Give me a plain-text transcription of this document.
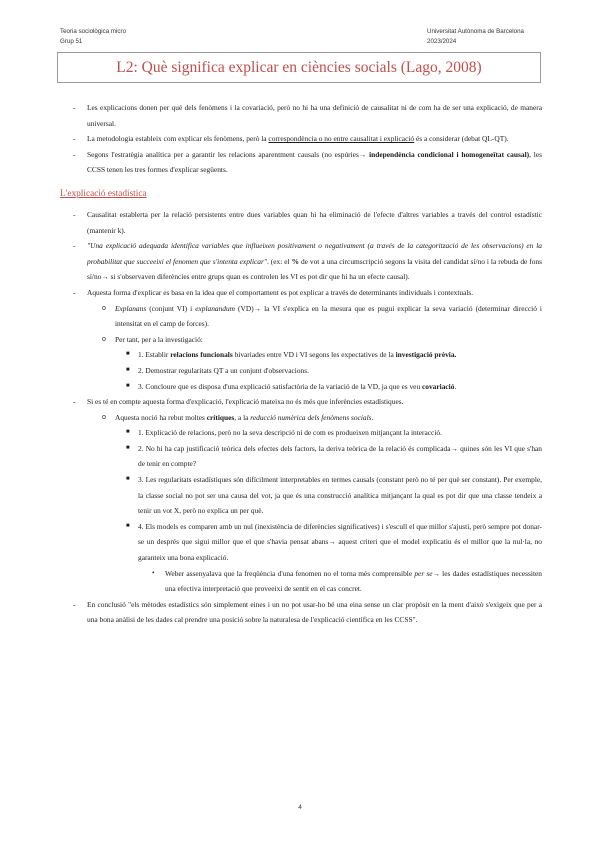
Teoria sociològica micro
Grup 51
Universitat Autònoma de Barcelona
2023/2024
L2: Què significa explicar en ciències socials (Lago, 2008)
- Les explicacions donen per què dels fenòmens i la covariació, però no hi ha una definició de causalitat ni de com ha de ser una explicació, de manera universal.
- La metodologia estableix com explicar els fenòmens, però la correspondència o no entre causalitat i explicació és a considerar (debat QL-QT).
- Segons l'estratègia analítica per a garantir les relacions aparentment causals (no espúries→ independència condicional i homogeneïtat causal), les CCSS tenen les tres formes d'explicar següents.
L'explicació estadística
- Causalitat establerta per la relació persistents entre dues variables quan hi ha eliminació de l'efecte d'altres variables a través del control estadístic (mantenir k).
- "Una explicació adequada identifica variables que influeixen positivament o negativament (a través de la categorització de les observacions) en la probabilitat que succeeixi el fenomen que s'intenta explicar". (ex: el % de vot a una circumscripció segons la visita del candidat sí/no i la rebuda de fons sí/no→ si s'observaven diferències entre grups quan es controlen les VI es pot dir que hi ha un efecte causal).
- Aquesta forma d'explicar es basa en la idea que el comportament es pot explicar a través de determinants individuals i contextuals.
o Explanans (conjunt VI) i explanandum (VD)→ la VI s'explica en la mesura que es pugui explicar la seva variació (determinar direcció i intensitat en el camp de forces).
o Per tant, per a la investigació:
■ 1. Establir relacions funcionals bivariades entre VD i VI segons les expectatives de la investigació prèvia.
■ 2. Demostrar regularitats QT a un conjunt d'observacions.
■ 3. Concloure que es disposa d'una explicació satisfactòria de la variació de la VD, ja que es veu covariació.
- Si es té en compte aquesta forma d'explicació, l'explicació mateixa no és més que inferències estadístiques.
o Aquesta noció ha rebut moltes crítiques, a la reducció numèrica dels fenòmens socials.
■ 1. Explicació de relacions, però no la seva descripció ni de com es produeixen mitjançant la interacció.
■ 2. No hi ha cap justificació teòrica dels efectes dels factors, la deriva teòrica de la relació és complicada→ quines són les VI que s'han de tenir en compte?
■ 3. Les regularitats estadístiques són difícilment interpretables en termes causals (constant però no té per què ser constant). Per exemple, la classe social no pot ser una causa del vot, ja que és una construcció analítica mitjançant la qual es pot dir que una classe tendeix a tenir un vot X, però no explica un per què.
■ 4. Els models es comparen amb un nul (inexistència de diferències significatives) i s'escull el que millor s'ajusti, però sempre pot donar-se un després que sigui millor que el que s'havia pensat abans→ aquest criteri que el model explicatiu és el millor que la nul·la, no garanteix una bona explicació.
• Weber assenyalava que la freqüència d'una fenomen no el torna més comprensible per se→ les dades estadístiques necessiten una efectiva interpretació que proveeixi de sentit en el cas concret.
- En conclusió "els mètodes estadístics són simplement eines i un no pot usar-ho bé una eina sense un clar propòsit en la ment d'això s'exigeix que per a una bona anàlisi de les dades cal prendre una posició sobre la naturalesa de l'explicació científica en les CCSS".
4
